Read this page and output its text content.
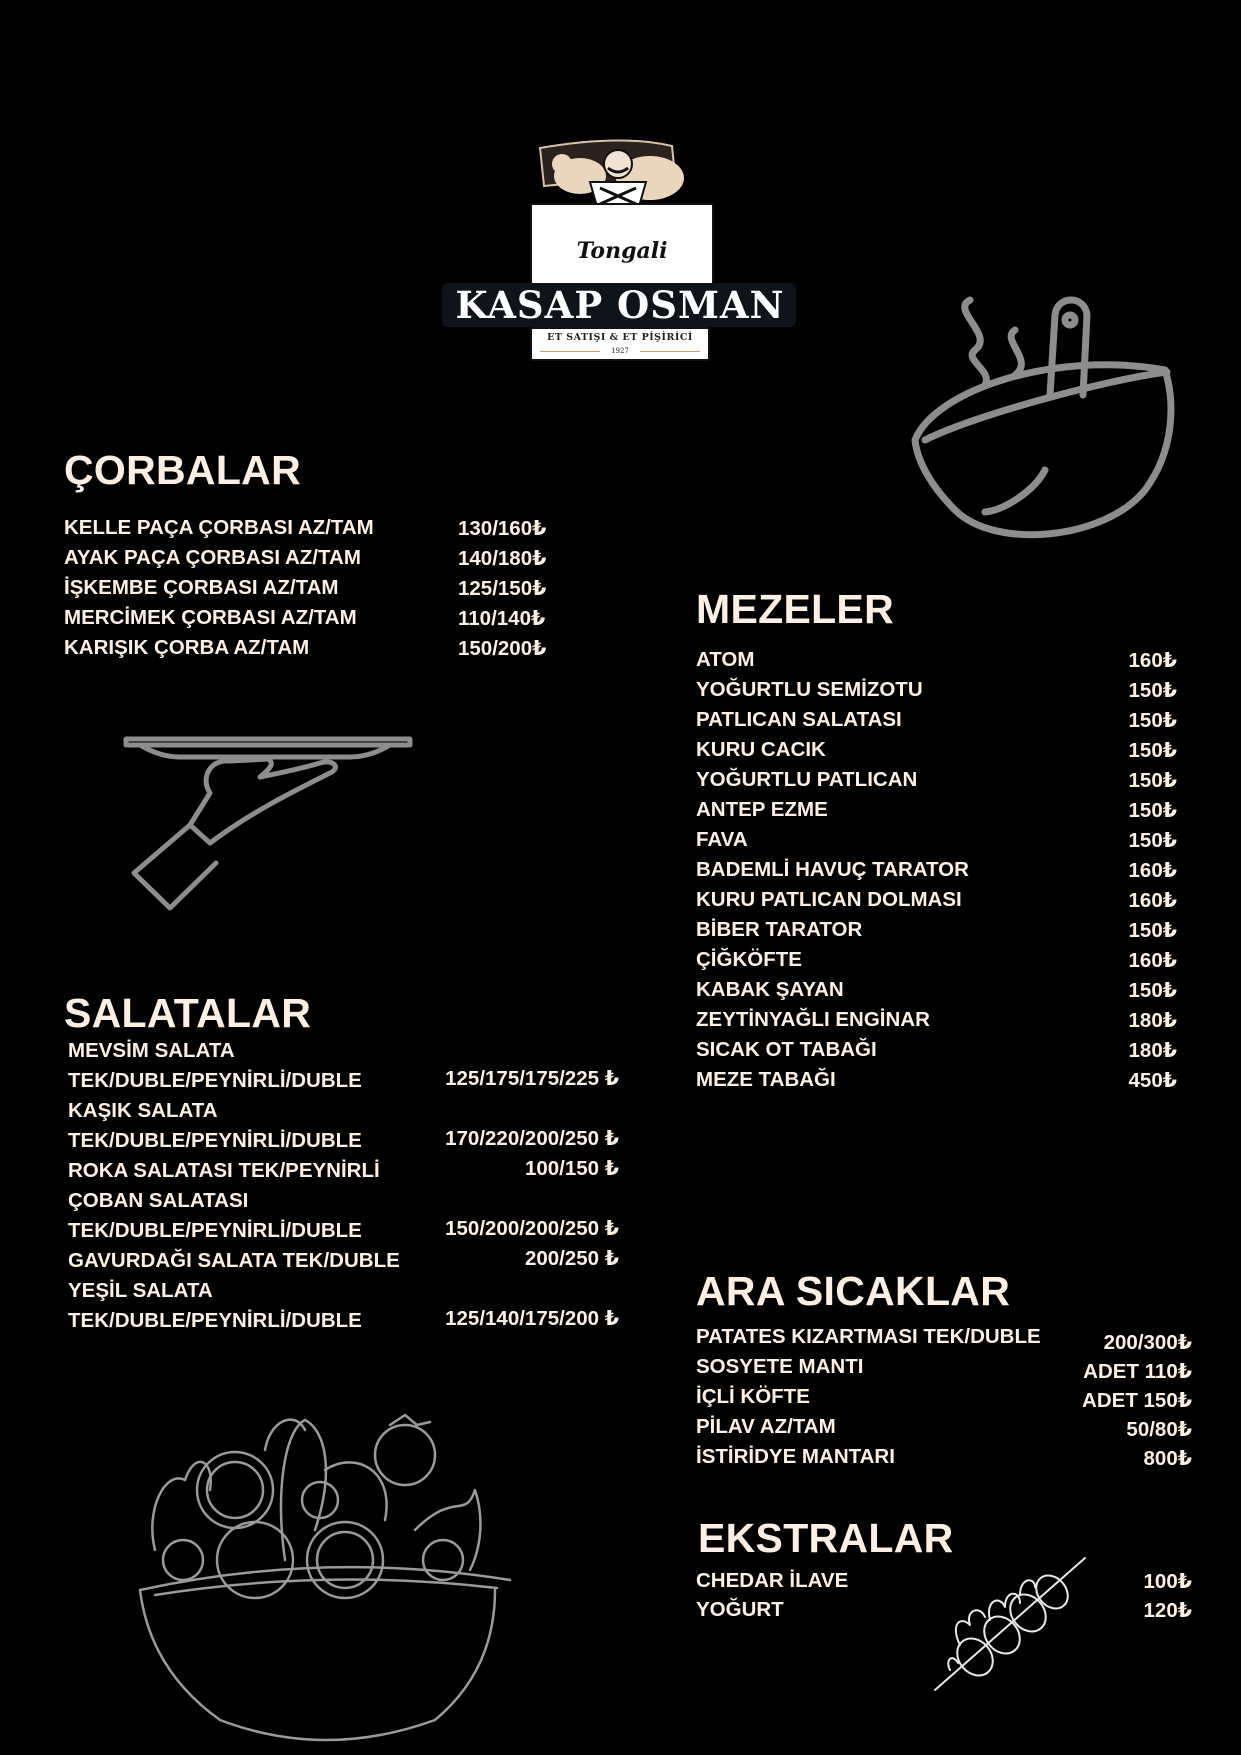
Tongali
KASAP OSMAN
ET SATIŞI & ET PİŞİRİCİ
1927
ÇORBALAR
KELLE PAÇA ÇORBASI AZ/TAM	130/160₺
AYAK PAÇA ÇORBASI AZ/TAM	140/180₺
İŞKEMBE ÇORBASI AZ/TAM	125/150₺
MERCİMEK ÇORBASI AZ/TAM	110/140₺
KARIŞIK ÇORBA AZ/TAM	150/200₺
MEZELER
ATOM	160₺
YOĞURTLU SEMİZOTU	150₺
PATLICAN SALATASI	150₺
KURU CACIK	150₺
YOĞURTLU PATLICAN	150₺
ANTEP EZME	150₺
FAVA	150₺
BADEMLİ HAVUÇ TARATOR	160₺
KURU PATLICAN DOLMASI	160₺
BİBER TARATOR	150₺
ÇİĞKÖFTE	160₺
KABAK ŞAYAN	150₺
ZEYTİNYAĞLI ENGİNAR	180₺
SICAK OT TABAĞI	180₺
MEZE TABAĞI	450₺
SALATALAR
MEVSİM SALATA
TEK/DUBLE/PEYNİRLİ/DUBLE	125/175/175/225 ₺
KAŞIK SALATA
TEK/DUBLE/PEYNİRLİ/DUBLE	170/220/200/250 ₺
ROKA SALATASI TEK/PEYNİRLİ	100/150 ₺
ÇOBAN SALATASI
TEK/DUBLE/PEYNİRLİ/DUBLE	150/200/200/250 ₺
GAVURDAĞI SALATA TEK/DUBLE	200/250 ₺
YEŞİL SALATA
TEK/DUBLE/PEYNİRLİ/DUBLE	125/140/175/200 ₺
ARA SICAKLAR
PATATES KIZARTMASI TEK/DUBLE	200/300₺
SOSYETE MANTI	ADET 110₺
İÇLİ KÖFTE	ADET 150₺
PİLAV AZ/TAM	50/80₺
İSTİRİDYE MANTARI	800₺
EKSTRALAR
CHEDAR İLAVE	100₺
YOĞURT	120₺
